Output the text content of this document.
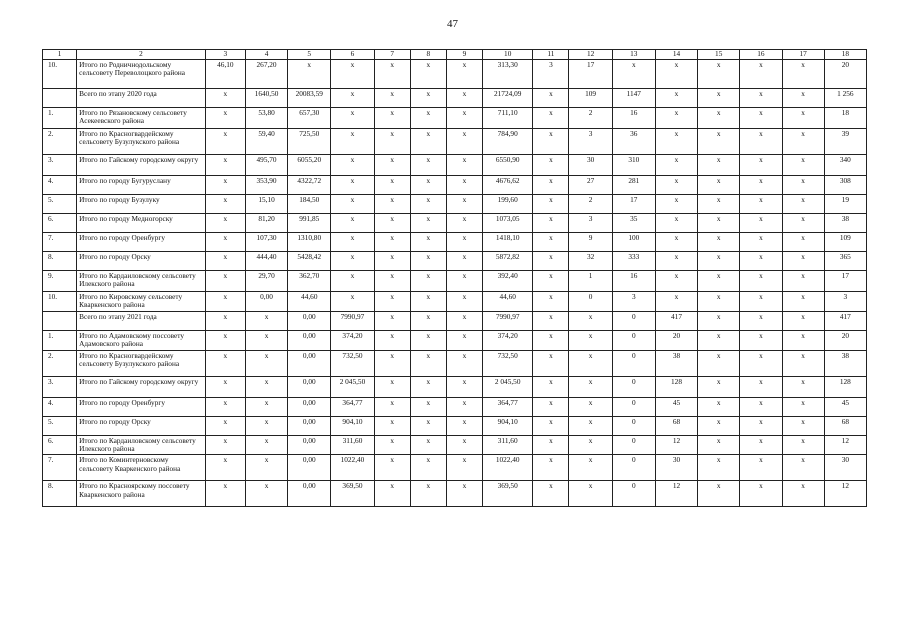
47
1	2	3	4	5	6	7	8	9	10	11	12	13	14	15	16	17	18
10.	Итого по Родничнодольскому сельсовету Переволоцкого района	46,10	267,20	x	x	x	x	x	313,30	3	17	x	x	x	x	x	20
	Всего по этапу 2020 года	x	1640,50	20083,59	x	x	x	x	21724,09	x	109	1147	x	x	x	x	1 256
1.	Итого по Рязановскому сельсовету Асекеевского района	x	53,80	657,30	x	x	x	x	711,10	x	2	16	x	x	x	x	18
2.	Итого по Красногвардейскому сельсовету Бузулукского района	x	59,40	725,50	x	x	x	x	784,90	x	3	36	x	x	x	x	39
3.	Итого по Гайскому городскому округу	x	495,70	6055,20	x	x	x	x	6550,90	x	30	310	x	x	x	x	340
4.	Итого по городу Бугуруслану	x	353,90	4322,72	x	x	x	x	4676,62	x	27	281	x	x	x	x	308
5.	Итого по городу Бузулуку	x	15,10	184,50	x	x	x	x	199,60	x	2	17	x	x	x	x	19
6.	Итого по городу Медногорску	x	81,20	991,85	x	x	x	x	1073,05	x	3	35	x	x	x	x	38
7.	Итого по городу Оренбургу	x	107,30	1310,80	x	x	x	x	1418,10	x	9	100	x	x	x	x	109
8.	Итого по городу Орску	x	444,40	5428,42	x	x	x	x	5872,82	x	32	333	x	x	x	x	365
9.	Итого по Кардаиловскому сельсовету Илекского района	x	29,70	362,70	x	x	x	x	392,40	x	1	16	x	x	x	x	17
10.	Итого по Кировскому сельсовету Кваркенского района	x	0,00	44,60	x	x	x	x	44,60	x	0	3	x	x	x	x	3
	Всего по этапу 2021 года	x	x	0,00	7990,97	x	x	x	7990,97	x	x	0	417	x	x	x	417
1.	Итого по Адамовскому поссовету Адамовского района	x	x	0,00	374,20	x	x	x	374,20	x	x	0	20	x	x	x	20
2.	Итого по Красногвардейскому сельсовету Бузулукского района	x	x	0,00	732,50	x	x	x	732,50	x	x	0	38	x	x	x	38
3.	Итого по Гайскому городскому округу	x	x	0,00	2 045,50	x	x	x	2 045,50	x	x	0	128	x	x	x	128
4.	Итого по городу Оренбургу	x	x	0,00	364,77	x	x	x	364,77	x	x	0	45	x	x	x	45
5.	Итого по городу Орску	x	x	0,00	904,10	x	x	x	904,10	x	x	0	68	x	x	x	68
6.	Итого по Кардаиловскому сельсовету Илекского района	x	x	0,00	311,60	x	x	x	311,60	x	x	0	12	x	x	x	12
7.	Итого по Коминтерновскому сельсовету Кваркенского района	x	x	0,00	1022,40	x	x	x	1022,40	x	x	0	30	x	x	x	30
8.	Итого по Красноярскому поссовету Кваркенского района	x	x	0,00	369,50	x	x	x	369,50	x	x	0	12	x	x	x	12
